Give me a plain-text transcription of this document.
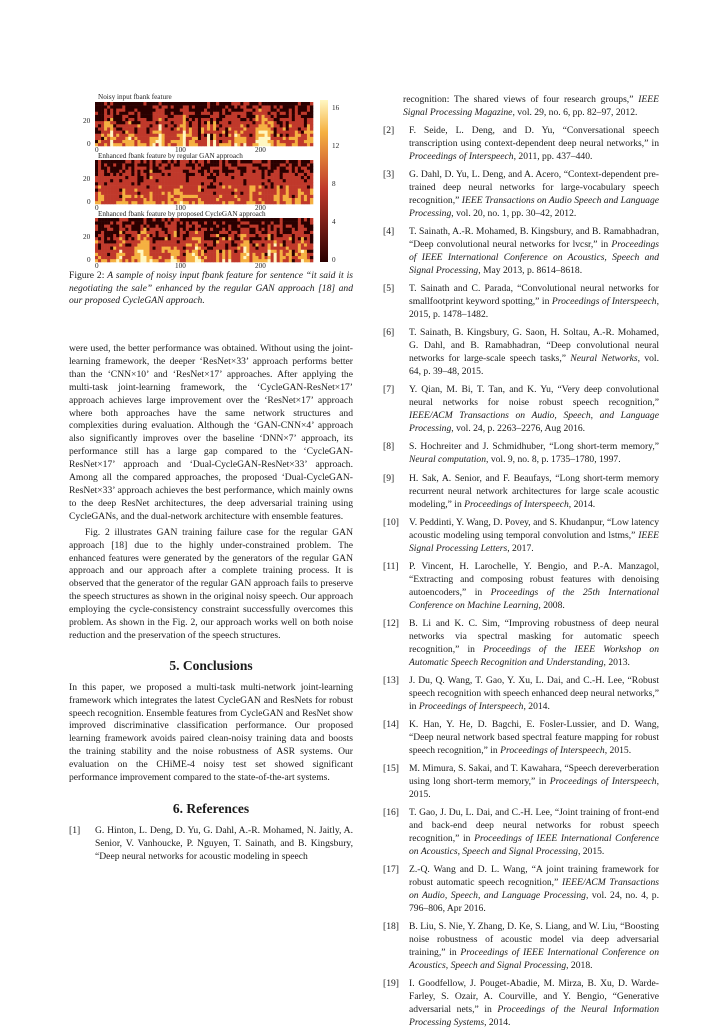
Noisy input fbank feature
20
0
0	100	200
Enhanced fbank feature by regular GAN approach
20
0
0	100	200
Enhanced fbank feature by proposed CycleGAN approach
20
0
0	100	200
16
12
8
4
0

Figure 2: A sample of noisy input fbank feature for sentence “it said it is negotiating the sale” enhanced by the regular GAN approach [18] and our proposed CycleGAN approach.

were used, the better performance was obtained. Without using the joint-learning framework, the deeper ‘ResNet×33’ approach performs better than the ‘CNN×10’ and ‘ResNet×17’ approaches. After applying the multi-task joint-learning framework, the ‘CycleGAN-ResNet×17’ approach achieves large improvement over the ‘ResNet×17’ approach where both approaches have the same network structures and complexities during evaluation. Although the ‘GAN-CNN×4’ approach also significantly improves over the baseline ‘DNN×7’ approach, its performance still has a large gap compared to the ‘CycleGAN-ResNet×17’ approach and ‘Dual-CycleGAN-ResNet×33’ approach. Among all the compared approaches, the proposed ‘Dual-CycleGAN-ResNet×33’ approach achieves the best performance, which mainly owns to the deep ResNet architectures, the deep adversarial training using CycleGANs, and the dual-network architecture with ensemble features.

Fig. 2 illustrates GAN training failure case for the regular GAN approach [18] due to the highly under-constrained problem. The enhanced features were generated by the generators of the regular GAN approach and our approach after a complete training process. It is observed that the generator of the regular GAN approach fails to preserve the speech structures as shown in the original noisy speech. Our approach employing the cycle-consistency constraint successfully overcomes this problem. As shown in the Fig. 2, our approach works well on both noise reduction and the preservation of the speech structures.

5. Conclusions

In this paper, we proposed a multi-task multi-network joint-learning framework which integrates the latest CycleGAN and ResNets for robust speech recognition. Ensemble features from CycleGAN and ResNet show improved discriminative classification performance. Our proposed learning framework avoids paired clean-noisy training data and boosts the training stability and the noise robustness of ASR systems. Our evaluation on the CHiME-4 noisy test set showed significant performance improvement compared to the state-of-the-art systems.

6. References

[1] G. Hinton, L. Deng, D. Yu, G. Dahl, A.-R. Mohamed, N. Jaitly, A. Senior, V. Vanhoucke, P. Nguyen, T. Sainath, and B. Kingsbury, “Deep neural networks for acoustic modeling in speech

recognition: The shared views of four research groups,” IEEE Signal Processing Magazine, vol. 29, no. 6, pp. 82–97, 2012.

[2] F. Seide, L. Deng, and D. Yu, “Conversational speech transcription using context-dependent deep neural networks,” in Proceedings of Interspeech, 2011, pp. 437–440.

[3] G. Dahl, D. Yu, L. Deng, and A. Acero, “Context-dependent pre-trained deep neural networks for large-vocabulary speech recognition,” IEEE Transactions on Audio Speech and Language Processing, vol. 20, no. 1, pp. 30–42, 2012.

[4] T. Sainath, A.-R. Mohamed, B. Kingsbury, and B. Ramabhadran, “Deep convolutional neural networks for lvcsr,” in Proceedings of IEEE International Conference on Acoustics, Speech and Signal Processing, May 2013, p. 8614–8618.

[5] T. Sainath and C. Parada, “Convolutional neural networks for smallfootprint keyword spotting,” in Proceedings of Interspeech, 2015, p. 1478–1482.

[6] T. Sainath, B. Kingsbury, G. Saon, H. Soltau, A.-R. Mohamed, G. Dahl, and B. Ramabhadran, “Deep convolutional neural networks for large-scale speech tasks,” Neural Networks, vol. 64, p. 39–48, 2015.

[7] Y. Qian, M. Bi, T. Tan, and K. Yu, “Very deep convolutional neural networks for noise robust speech recognition,” IEEE/ACM Transactions on Audio, Speech, and Language Processing, vol. 24, p. 2263–2276, Aug 2016.

[8] S. Hochreiter and J. Schmidhuber, “Long short-term memory,” Neural computation, vol. 9, no. 8, p. 1735–1780, 1997.

[9] H. Sak, A. Senior, and F. Beaufays, “Long short-term memory recurrent neural network architectures for large scale acoustic modeling,” in Proceedings of Interspeech, 2014.

[10] V. Peddinti, Y. Wang, D. Povey, and S. Khudanpur, “Low latency acoustic modeling using temporal convolution and lstms,” IEEE Signal Processing Letters, 2017.

[11] P. Vincent, H. Larochelle, Y. Bengio, and P.-A. Manzagol, “Extracting and composing robust features with denoising autoencoders,” in Proceedings of the 25th International Conference on Machine Learning, 2008.

[12] B. Li and K. C. Sim, “Improving robustness of deep neural networks via spectral masking for automatic speech recognition,” in Proceedings of the IEEE Workshop on Automatic Speech Recognition and Understanding, 2013.

[13] J. Du, Q. Wang, T. Gao, Y. Xu, L. Dai, and C.-H. Lee, “Robust speech recognition with speech enhanced deep neural networks,” in Proceedings of Interspeech, 2014.

[14] K. Han, Y. He, D. Bagchi, E. Fosler-Lussier, and D. Wang, “Deep neural network based spectral feature mapping for robust speech recognition,” in Proceedings of Interspeech, 2015.

[15] M. Mimura, S. Sakai, and T. Kawahara, “Speech dereverberation using long short-term memory,” in Proceedings of Interspeech, 2015.

[16] T. Gao, J. Du, L. Dai, and C.-H. Lee, “Joint training of front-end and back-end deep neural networks for robust speech recognition,” in Proceedings of IEEE International Conference on Acoustics, Speech and Signal Processing, 2015.

[17] Z.-Q. Wang and D. L. Wang, “A joint training framework for robust automatic speech recognition,” IEEE/ACM Transactions on Audio, Speech, and Language Processing, vol. 24, no. 4, p. 796–806, Apr 2016.

[18] B. Liu, S. Nie, Y. Zhang, D. Ke, S. Liang, and W. Liu, “Boosting noise robustness of acoustic model via deep adversarial training,” in Proceedings of IEEE International Conference on Acoustics, Speech and Signal Processing, 2018.

[19] I. Goodfellow, J. Pouget-Abadie, M. Mirza, B. Xu, D. Warde-Farley, S. Ozair, A. Courville, and Y. Bengio, “Generative adversarial nets,” in Proceedings of the Neural Information Processing Systems, 2014.
